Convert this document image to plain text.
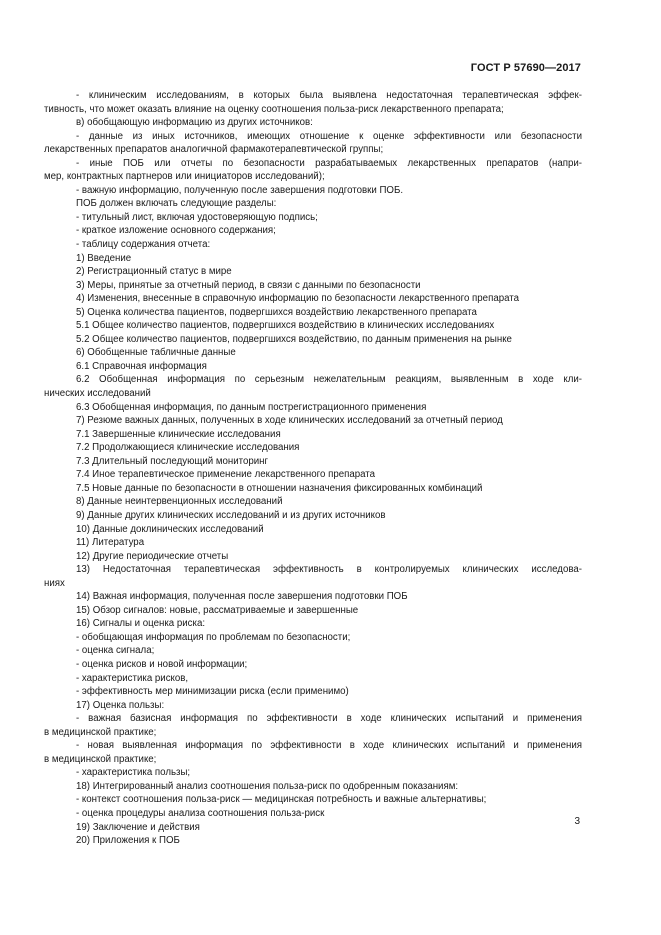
ГОСТ Р 57690—2017
- клиническим исследованиям, в которых была выявлена недостаточная терапевтическая эффек-
тивность, что может оказать влияние на оценку соотношения польза-риск лекарственного препарата;
в) обобщающую информацию из других источников:
- данные из иных источников, имеющих отношение к оценке эффективности или безопасности
лекарственных препаратов аналогичной фармакотерапевтической группы;
- иные ПОБ или отчеты по безопасности разрабатываемых лекарственных препаратов (напри-
мер, контрактных партнеров или инициаторов исследований);
- важную информацию, полученную после завершения подготовки ПОБ.
ПОБ должен включать следующие разделы:
- титульный лист, включая удостоверяющую подпись;
- краткое изложение основного содержания;
- таблицу содержания отчета:
1) Введение
2) Регистрационный статус в мире
3) Меры, принятые за отчетный период, в связи с данными по безопасности
4) Изменения, внесенные в справочную информацию по безопасности лекарственного препарата
5) Оценка количества пациентов, подвергшихся воздействию лекарственного препарата
5.1 Общее количество пациентов, подвергшихся воздействию в клинических исследованиях
5.2 Общее количество пациентов, подвергшихся воздействию, по данным применения на рынке
6) Обобщенные табличные данные
6.1 Справочная информация
6.2 Обобщенная информация по серьезным нежелательным реакциям, выявленным в ходе кли-
нических исследований
6.3 Обобщенная информация, по данным пострегистрационного применения
7) Резюме важных данных, полученных в ходе клинических исследований за отчетный период
7.1 Завершенные клинические исследования
7.2 Продолжающиеся клинические исследования
7.3 Длительный последующий мониторинг
7.4 Иное терапевтическое применение лекарственного препарата
7.5 Новые данные по безопасности в отношении назначения фиксированных комбинаций
8) Данные неинтервенционных исследований
9) Данные других клинических исследований и из других источников
10) Данные доклинических исследований
11) Литература
12) Другие периодические отчеты
13) Недостаточная терапевтическая эффективность в контролируемых клинических исследова-
ниях
14) Важная информация, полученная после завершения подготовки ПОБ
15) Обзор сигналов: новые, рассматриваемые и завершенные
16) Сигналы и оценка риска:
- обобщающая информация по проблемам по безопасности;
- оценка сигнала;
- оценка рисков и новой информации;
- характеристика рисков,
- эффективность мер минимизации риска (если применимо)
17) Оценка пользы:
- важная базисная информация по эффективности в ходе клинических испытаний и применения
в медицинской практике;
- новая выявленная информация по эффективности в ходе клинических испытаний и применения
в медицинской практике;
- характеристика пользы;
18) Интегрированный анализ соотношения польза-риск по одобренным показаниям:
- контекст соотношения польза-риск — медицинская потребность и важные альтернативы;
- оценка процедуры анализа соотношения польза-риск
19) Заключение и действия
20) Приложения к ПОБ
3
